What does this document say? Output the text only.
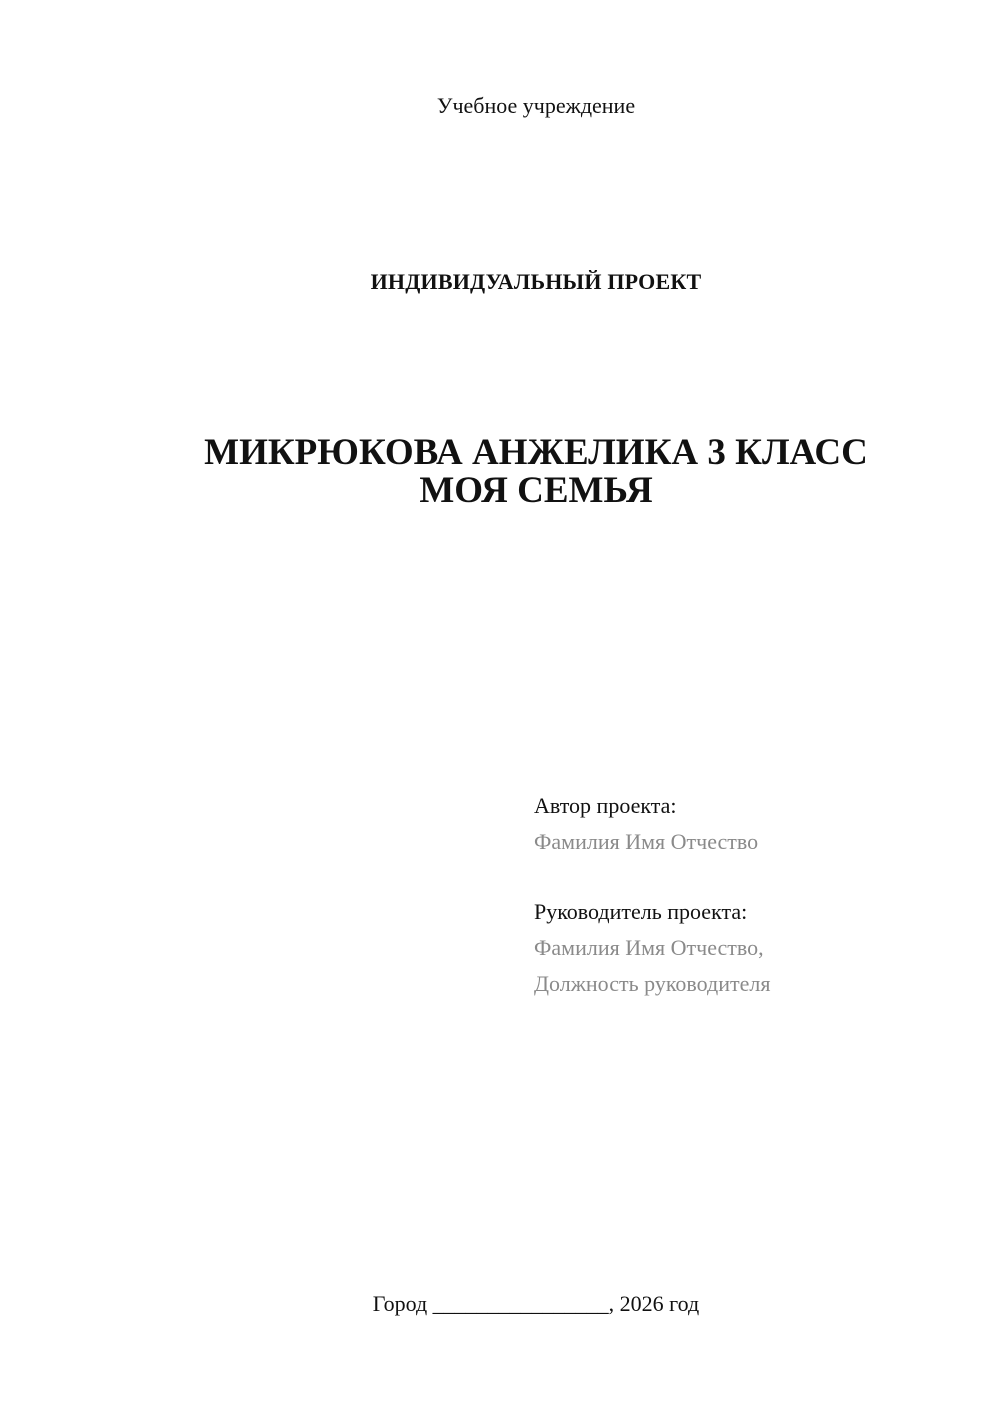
Учебное учреждение
ИНДИВИДУАЛЬНЫЙ ПРОЕКТ
МИКРЮКОВА АНЖЕЛИКА 3 КЛАСС
МОЯ СЕМЬЯ
Автор проекта:
Фамилия Имя Отчество
Руководитель проекта:
Фамилия Имя Отчество,
Должность руководителя
Город ________________, 2026 год
